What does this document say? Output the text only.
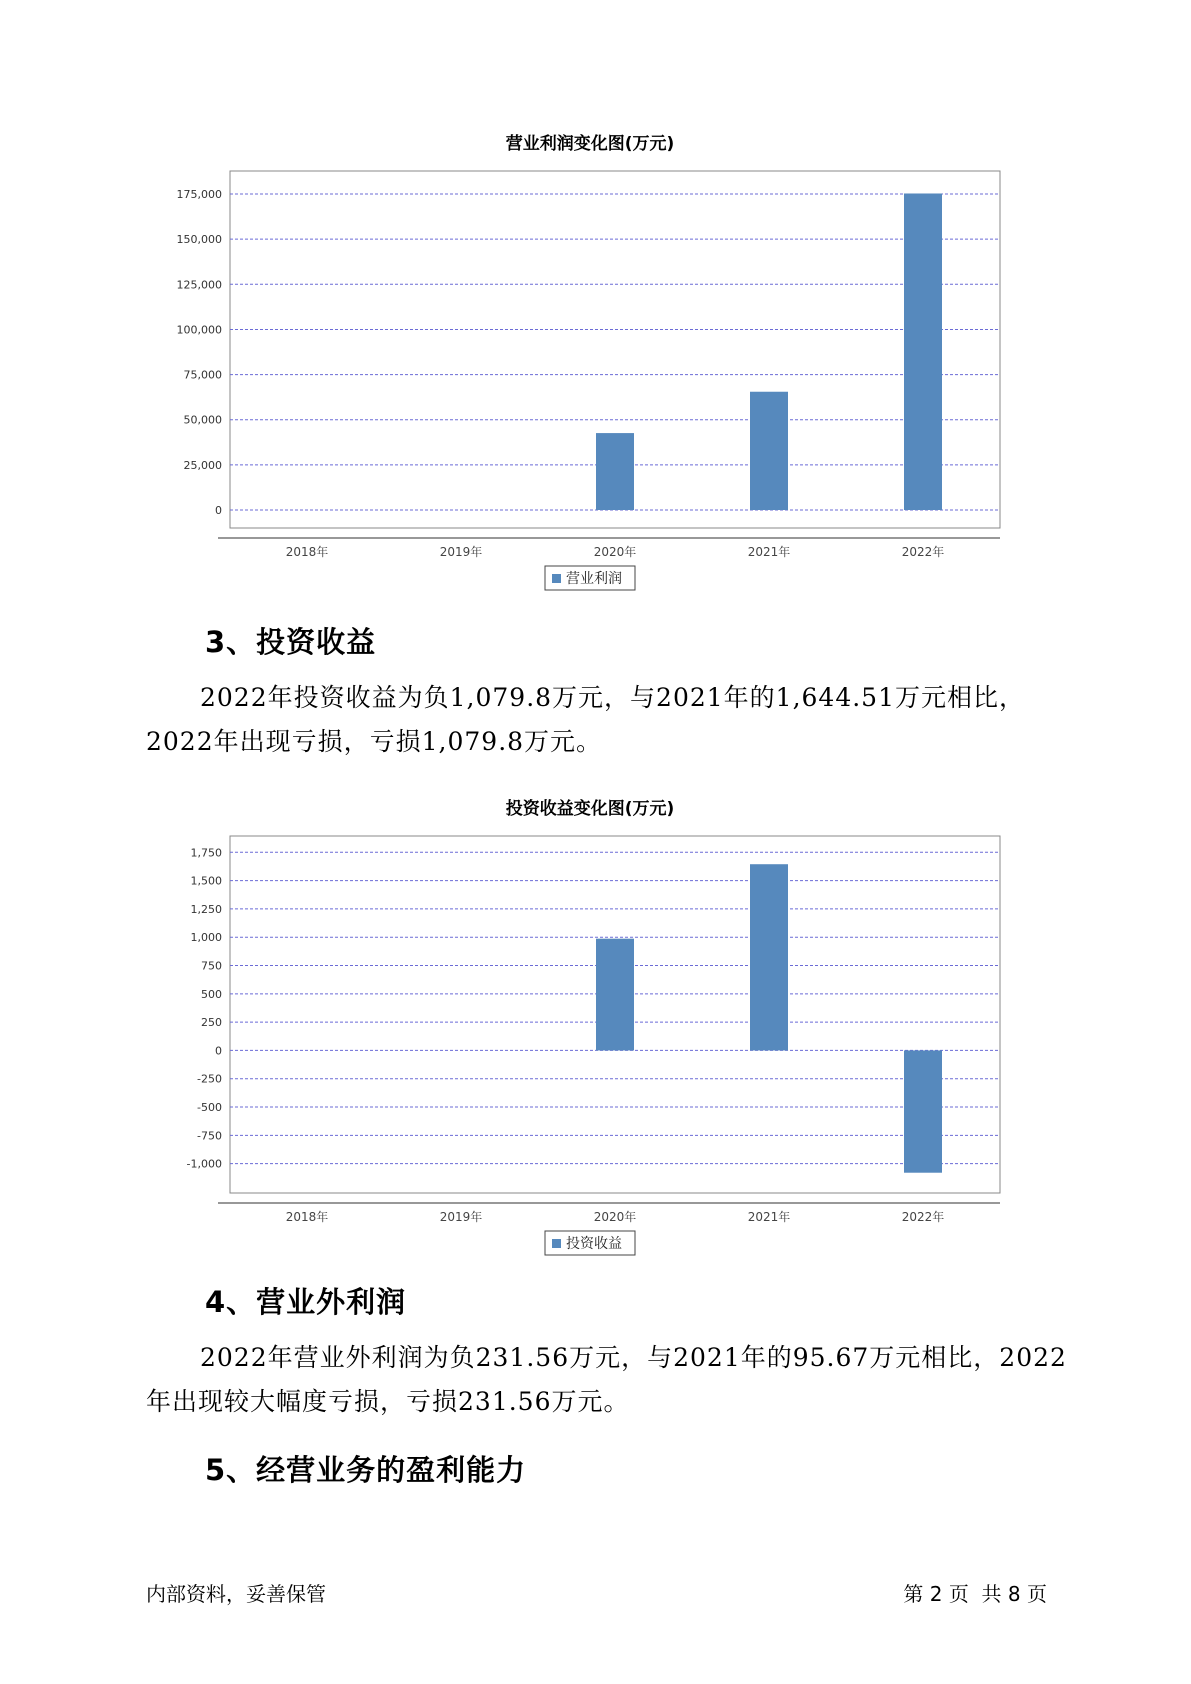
营业利润变化图(万元)
0
25,000
50,000
75,000
100,000
125,000
150,000
175,000
2018年	2019年	2020年	2021年	2022年
营业利润
3、投资收益

2022年投资收益为负1,079.8万元，与2021年的1,644.51万元相比，2022年出现亏损，亏损1,079.8万元。

投资收益变化图(万元)
-1,000
-750
-500
-250
0
250
500
750
1,000
1,250
1,500
1,750
2018年	2019年	2020年	2021年	2022年
投资收益
4、营业外利润

2022年营业外利润为负231.56万元，与2021年的95.67万元相比，2022年出现较大幅度亏损，亏损231.56万元。

5、经营业务的盈利能力
内部资料，妥善保管	第 2 页  共 8 页
